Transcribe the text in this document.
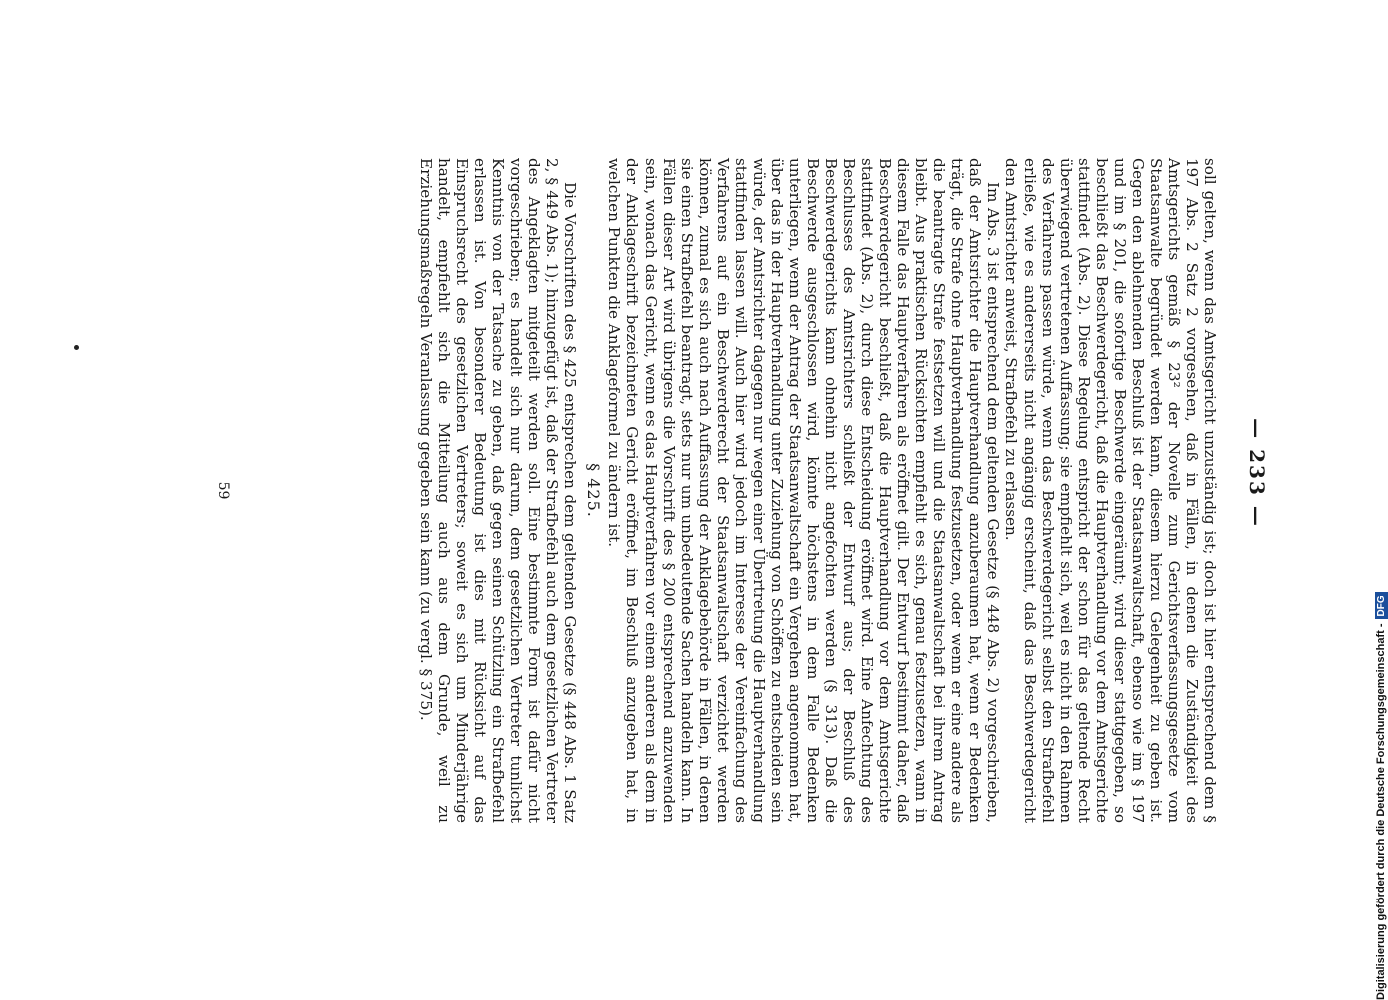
— 233 —

soll gelten, wenn das Amtsgericht unzuständig ist; doch ist hier entsprechend dem § 197 Abs. 2 Satz 2 vorgesehen, daß in Fällen, in denen die Zuständigkeit des Amtsgerichts gemäß § 23² der Novelle zum Gerichtsverfassungsgesetze vom Staatsanwalte begründet werden kann, diesem hierzu Gelegenheit zu geben ist. Gegen den ablehnenden Beschluß ist der Staatsanwaltschaft, ebenso wie im § 197 und im § 201, die sofortige Beschwerde eingeräumt; wird dieser stattgegeben, so beschließt das Beschwerdegericht, daß die Hauptverhandlung vor dem Amtsgerichte stattfindet (Abs. 2). Diese Regelung entspricht der schon für das geltende Recht überwiegend vertretenen Auffassung; sie empfiehlt sich, weil es nicht in den Rahmen des Verfahrens passen würde, wenn das Beschwerdegericht selbst den Strafbefehl erließe, wie es andererseits nicht angängig erscheint, daß das Beschwerdegericht den Amtsrichter anweist, Strafbefehl zu erlassen.

Im Abs. 3 ist entsprechend dem geltenden Gesetze (§ 448 Abs. 2) vorgeschrieben, daß der Amtsrichter die Hauptverhandlung anzuberaumen hat, wenn er Bedenken trägt, die Strafe ohne Hauptverhandlung festzusetzen, oder wenn er eine andere als die beantragte Strafe festsetzen will und die Staatsanwaltschaft bei ihrem Antrag bleibt. Aus praktischen Rücksichten empfiehlt es sich, genau festzusetzen, wann in diesem Falle das Hauptverfahren als eröffnet gilt. Der Entwurf bestimmt daher, daß Beschwerdegericht beschließt, daß die Hauptverhandlung vor dem Amtsgerichte stattfindet (Abs. 2), durch diese Entscheidung eröffnet wird. Eine Anfechtung des Beschlusses des Amtsrichters schließt der Entwurf aus; der Beschluß des Beschwerdegerichts kann ohnehin nicht angefochten werden (§ 313). Daß die Beschwerde ausgeschlossen wird, könnte höchstens in dem Falle Bedenken unterliegen, wenn der Antrag der Staatsanwaltschaft ein Vergehen angenommen hat, über das in der Hauptverhandlung unter Zuziehung von Schöffen zu entscheiden sein würde, der Amtsrichter dagegen nur wegen einer Übertretung die Hauptverhandlung stattfinden lassen will. Auch hier wird jedoch im Interesse der Vereinfachung des Verfahrens auf ein Beschwerderecht der Staatsanwaltschaft verzichtet werden können, zumal es sich auch nach Auffassung der Anklagebehörde in Fällen, in denen sie einen Strafbefehl beantragt, stets nur um unbedeutende Sachen handeln kann. In Fällen dieser Art wird übrigens die Vorschrift des § 200 entsprechend anzuwenden sein, wonach das Gericht, wenn es das Hauptverfahren vor einem anderen als dem in der Anklageschrift bezeichneten Gericht eröffnet, im Beschluß anzugeben hat, in welchen Punkten die Anklageformel zu ändern ist.

§ 425.

Die Vorschriften des § 425 entsprechen dem geltenden Gesetze (§ 448 Abs. 1 Satz 2, § 449 Abs. 1); hinzugefügt ist, daß der Strafbefehl auch dem gesetzlichen Vertreter des Angeklagten mitgeteilt werden soll. Eine bestimmte Form ist dafür nicht vorgeschrieben; es handelt sich nur darum, dem gesetzlichen Vertreter tunlichst Kenntnis von der Tatsache zu geben, daß gegen seinen Schützling ein Strafbefehl erlassen ist. Von besonderer Bedeutung ist dies mit Rücksicht auf das Einspruchsrecht des gesetzlichen Vertreters; soweit es sich um Minderjährige handelt, empfiehlt sich die Mitteilung auch aus dem Grunde, weil zu Erziehungsmaßregeln Veranlassung gegeben sein kann (zu vergl. § 375).

59
Digitalisierung gefördert durch die Deutsche Forschungsgemeinschaft -DFG
